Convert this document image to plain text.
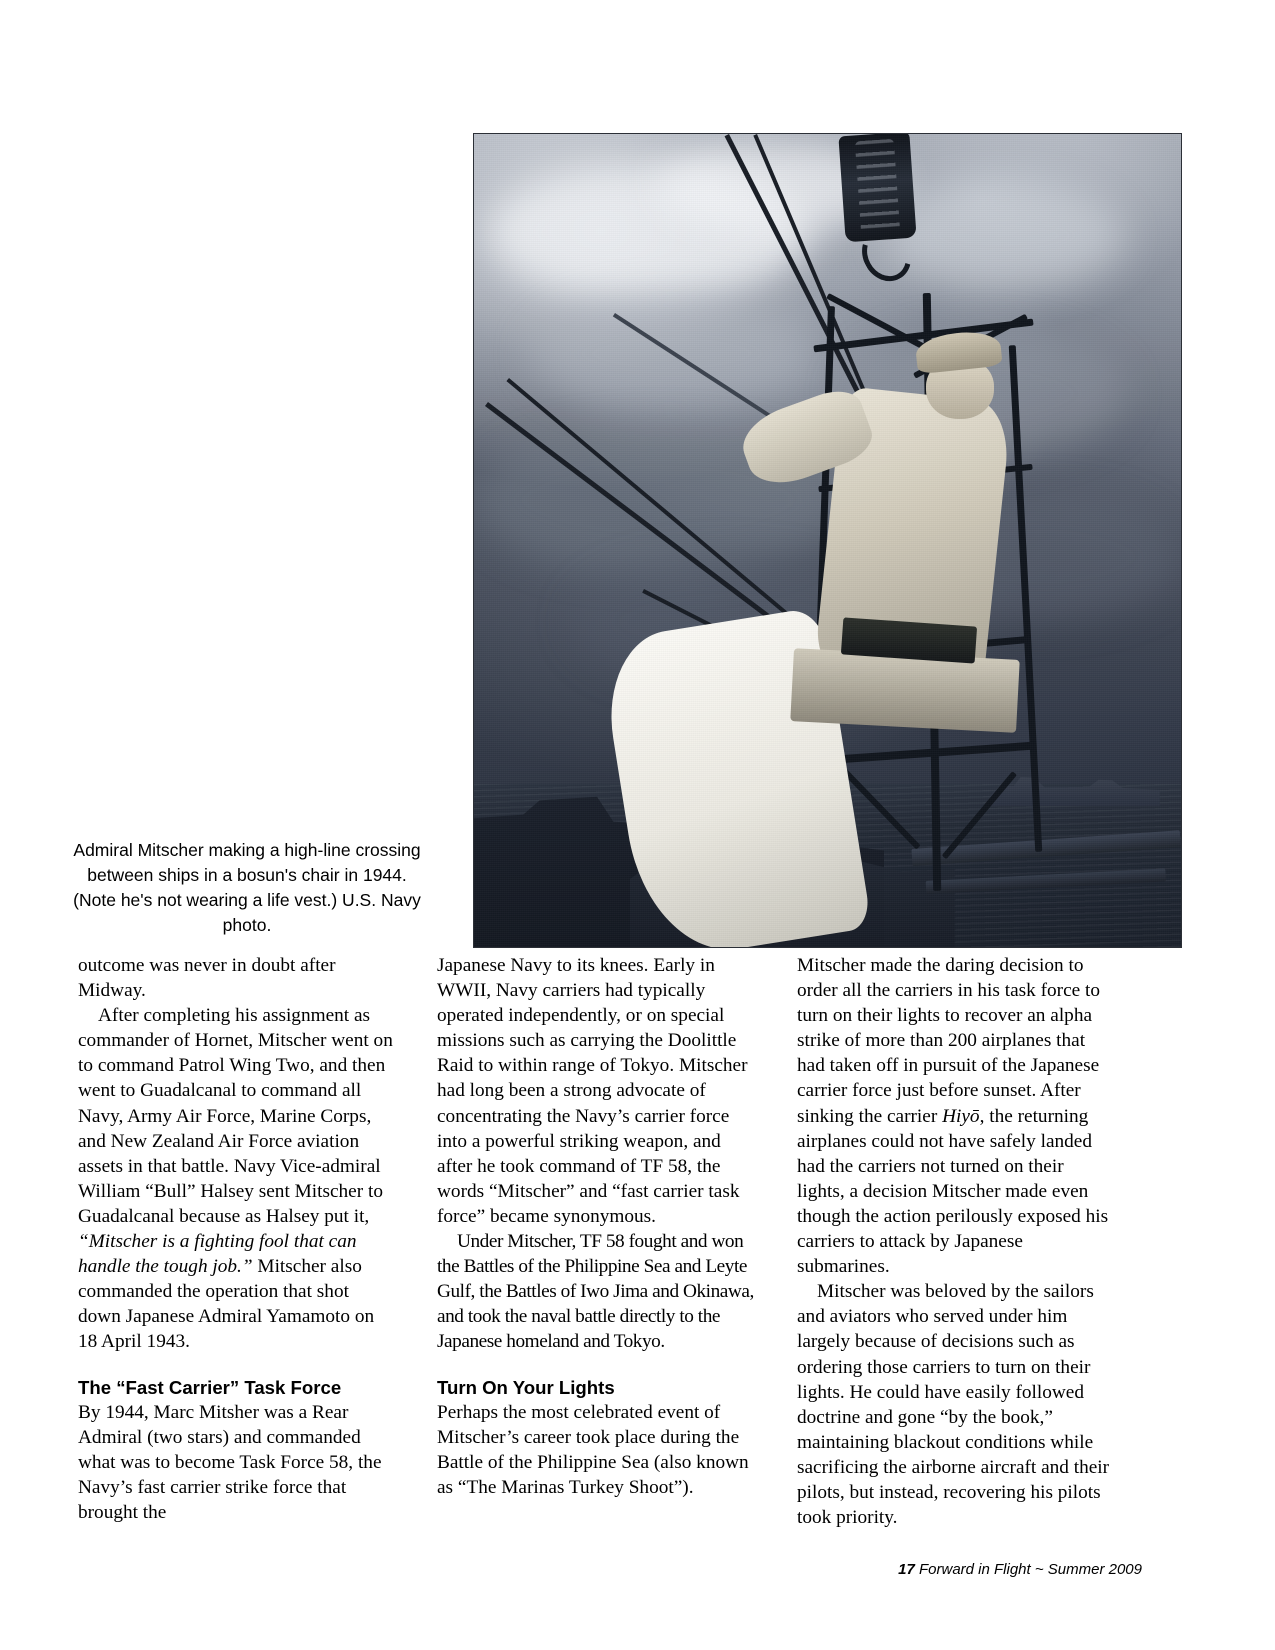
Admiral Mitscher making a high-line crossing between ships in a bosun's chair in 1944. (Note he's not wearing a life vest.) U.S. Navy photo.

outcome was never in doubt after Midway.

After completing his assignment as commander of Hornet, Mitscher went on to command Patrol Wing Two, and then went to Guadalcanal to command all Navy, Army Air Force, Marine Corps, and New Zealand Air Force aviation assets in that battle. Navy Vice-admiral William “Bull” Halsey sent Mitscher to Guadalcanal because as Halsey put it, “Mitscher is a fighting fool that can handle the tough job.” Mitscher also commanded the operation that shot down Japanese Admiral Yamamoto on 18 April 1943.

The “Fast Carrier” Task Force

By 1944, Marc Mitsher was a Rear Admiral (two stars) and commanded what was to become Task Force 58, the Navy’s fast carrier strike force that brought the

Japanese Navy to its knees. Early in WWII, Navy carriers had typically operated independently, or on special missions such as carrying the Doolittle Raid to within range of Tokyo. Mitscher had long been a strong advocate of concentrating the Navy’s carrier force into a powerful striking weapon, and after he took command of TF 58, the words “Mitscher” and “fast carrier task force” became synonymous.

Under Mitscher, TF 58 fought and won the Battles of the Philippine Sea and Leyte Gulf, the Battles of Iwo Jima and Okinawa, and took the naval battle directly to the Japanese homeland and Tokyo.

Turn On Your Lights

Perhaps the most celebrated event of Mitscher’s career took place during the Battle of the Philippine Sea (also known as “The Marinas Turkey Shoot”).

Mitscher made the daring decision to order all the carriers in his task force to turn on their lights to recover an alpha strike of more than 200 airplanes that had taken off in pursuit of the Japanese carrier force just before sunset. After sinking the carrier Hiyō, the returning airplanes could not have safely landed had the carriers not turned on their lights, a decision Mitscher made even though the action perilously exposed his carriers to attack by Japanese submarines.

Mitscher was beloved by the sailors and aviators who served under him largely because of decisions such as ordering those carriers to turn on their lights. He could have easily followed doctrine and gone “by the book,” maintaining blackout conditions while sacrificing the airborne aircraft and their pilots, but instead, recovering his pilots took priority.

17 Forward in Flight ~ Summer 2009
